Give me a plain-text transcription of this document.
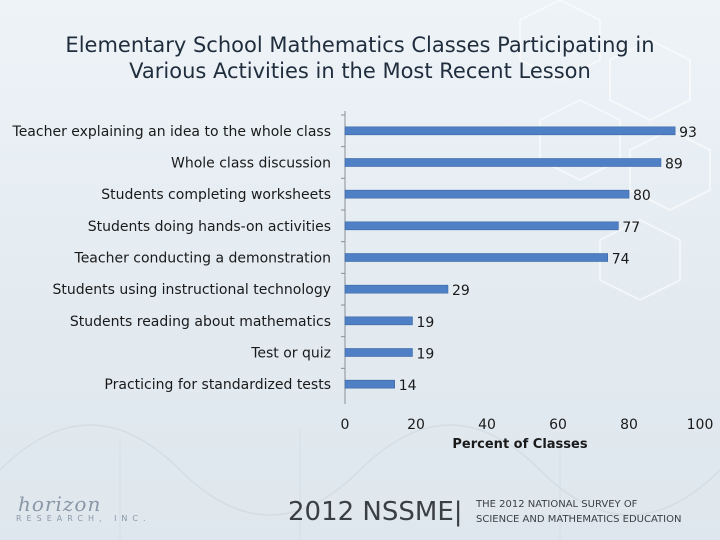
Elementary School Mathematics Classes Participating in
Various Activities in the Most Recent Lesson
Teacher explaining an idea to the whole class	93
Whole class discussion	89
Students completing worksheets	80
Students doing hands-on activities	77
Teacher conducting a demonstration	74
Students using instructional technology	29
Students reading about mathematics	19
Test or quiz	19
Practicing for standardized tests	14
0	20	40	60	80	100
Percent of Classes
horizon
RESEARCH, INC.	2012 NSSME| THE 2012 NATIONAL SURVEY OF
SCIENCE AND MATHEMATICS EDUCATION
